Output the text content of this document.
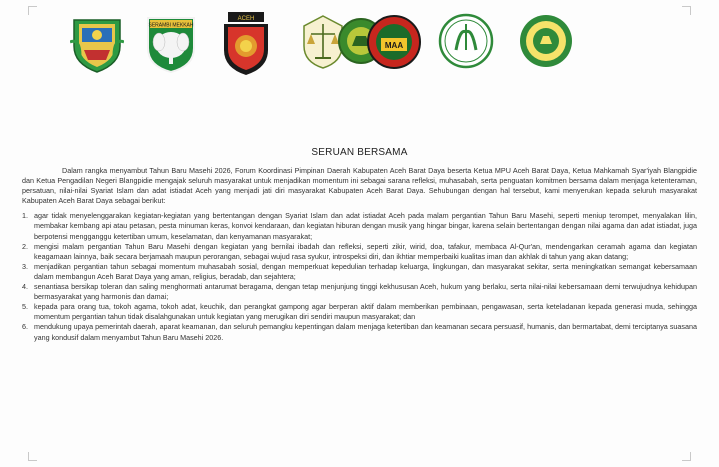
SERAMBI MEKKAH
ACEH
MAA
SERUAN BERSAMA

Dalam rangka menyambut Tahun Baru Masehi 2026, Forum Koordinasi Pimpinan Daerah Kabupaten Aceh Barat Daya beserta Ketua MPU Aceh Barat Daya, Ketua Mahkamah Syar'iyah Blangpidie dan Ketua Pengadilan Negeri Blangpidie mengajak seluruh masyarakat untuk menjadikan momentum ini sebagai sarana refleksi, muhasabah, serta penguatan komitmen bersama dalam menjaga ketenteraman, persatuan, nilai-nilai Syariat Islam dan adat istiadat Aceh yang menjadi jati diri masyarakat Kabupaten Aceh Barat Daya. Sehubungan dengan hal tersebut, kami menyerukan kepada seluruh masyarakat Kabupaten Aceh Barat Daya sebagai berikut:

1. agar tidak menyelenggarakan kegiatan-kegiatan yang bertentangan dengan Syariat Islam dan adat istiadat Aceh pada malam pergantian Tahun Baru Masehi, seperti meniup terompet, menyalakan lilin, membakar kembang api atau petasan, pesta minuman keras, konvoi kendaraan, dan kegiatan hiburan dengan musik yang hingar bingar, karena selain bertentangan dengan nilai agama dan adat istiadat, juga berpotensi mengganggu ketertiban umum, keselamatan, dan kenyamanan masyarakat;
2. mengisi malam pergantian Tahun Baru Masehi dengan kegiatan yang bernilai ibadah dan refleksi, seperti zikir, wirid, doa, tafakur, membaca Al-Qur'an, mendengarkan ceramah agama dan kegiatan keagamaan lainnya, baik secara berjamaah maupun perorangan, sebagai wujud rasa syukur, introspeksi diri, dan ikhtiar memperbaiki kualitas iman dan akhlak di tahun yang akan datang;
3. menjadikan pergantian tahun sebagai momentum muhasabah sosial, dengan memperkuat kepedulian terhadap keluarga, lingkungan, dan masyarakat sekitar, serta meningkatkan semangat kebersamaan dalam membangun Aceh Barat Daya yang aman, religius, beradab, dan sejahtera;
4. senantiasa bersikap toleran dan saling menghormati antarumat beragama, dengan tetap menjunjung tinggi kekhususan Aceh, hukum yang berlaku, serta nilai-nilai kebersamaan demi terwujudnya kehidupan bermasyarakat yang harmonis dan damai;
5. kepada para orang tua, tokoh agama, tokoh adat, keuchik, dan perangkat gampong agar berperan aktif dalam memberikan pembinaan, pengawasan, serta keteladanan kepada generasi muda, sehingga momentum pergantian tahun tidak disalahgunakan untuk kegiatan yang merugikan diri sendiri maupun masyarakat; dan
6. mendukung upaya pemerintah daerah, aparat keamanan, dan seluruh pemangku kepentingan dalam menjaga ketertiban dan keamanan secara persuasif, humanis, dan bermartabat, demi terciptanya suasana yang kondusif dalam menyambut Tahun Baru Masehi 2026.
